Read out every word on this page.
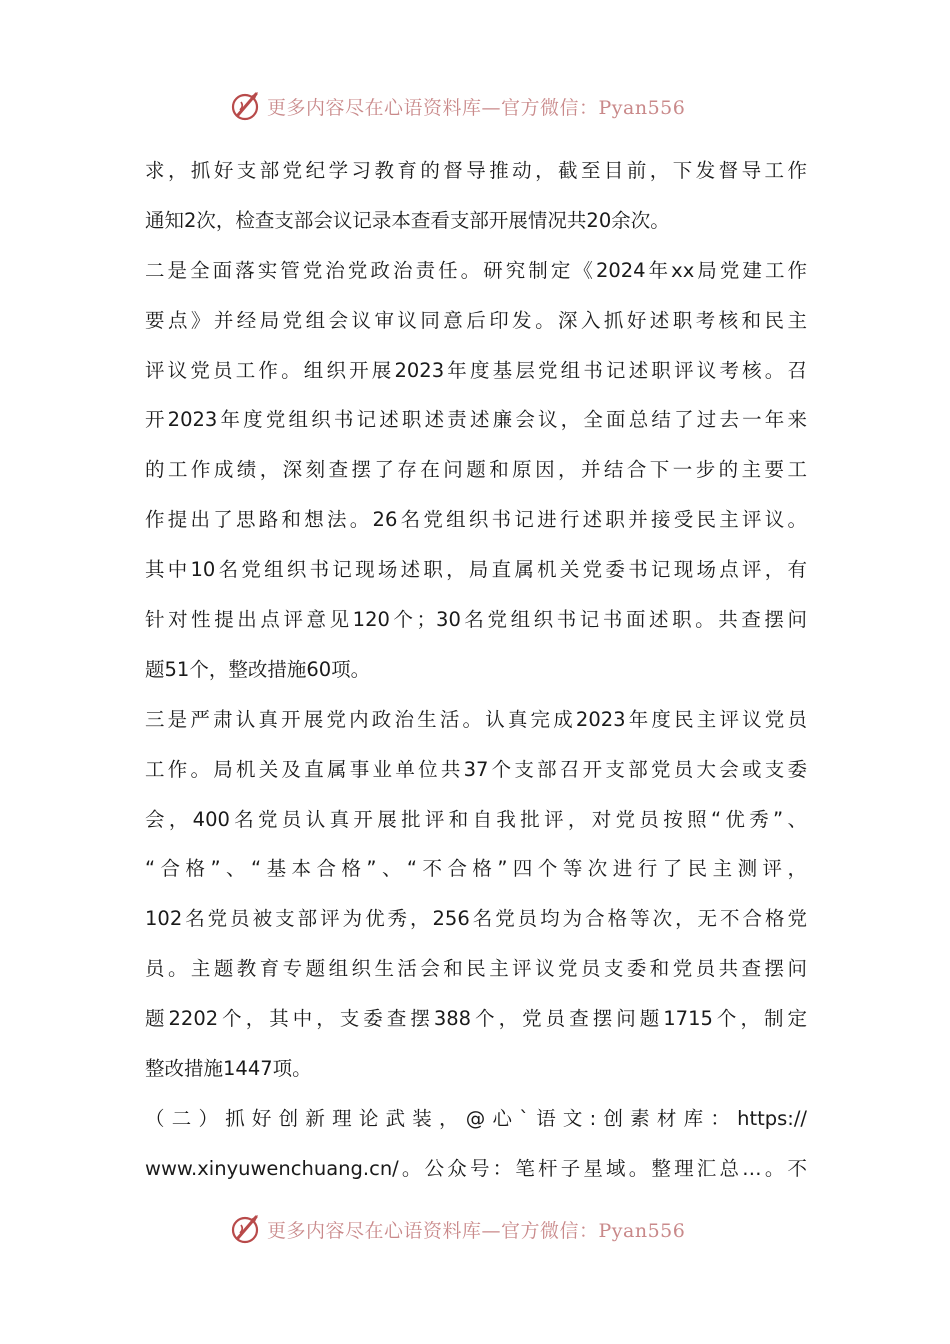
更多内容尽在心语资料库—官方微信：Pyan556
求，抓好支部党纪学习教育的督导推动，截至目前，下发督导工作
通知2次，检查支部会议记录本查看支部开展情况共20余次。
二是全面落实管党治党政治责任。研究制定《2024年xx局党建工作
要点》并经局党组会议审议同意后印发。深入抓好述职考核和民主
评议党员工作。组织开展2023年度基层党组书记述职评议考核。召
开2023年度党组织书记述职述责述廉会议，全面总结了过去一年来
的工作成绩，深刻查摆了存在问题和原因，并结合下一步的主要工
作提出了思路和想法。26名党组织书记进行述职并接受民主评议。
其中10名党组织书记现场述职，局直属机关党委书记现场点评，有
针对性提出点评意见120个；30名党组织书记书面述职。共查摆问
题51个，整改措施60项。
三是严肃认真开展党内政治生活。认真完成2023年度民主评议党员
工作。局机关及直属事业单位共37个支部召开支部党员大会或支委
会，400名党员认真开展批评和自我批评，对党员按照“优秀”、
“合格”、“基本合格”、“不合格”四个等次进行了民主测评，
102名党员被支部评为优秀，256名党员均为合格等次，无不合格党
员。主题教育专题组织生活会和民主评议党员支委和党员共查摆问
题2202个，其中，支委查摆388个，党员查摆问题1715个，制定
整改措施1447项。
（二）抓好创新理论武装，@心`语文:创素材库：https://
www.xinyuwenchuang.cn/。公众号：笔杆子星域。整理汇总…。不
更多内容尽在心语资料库—官方微信：Pyan556
